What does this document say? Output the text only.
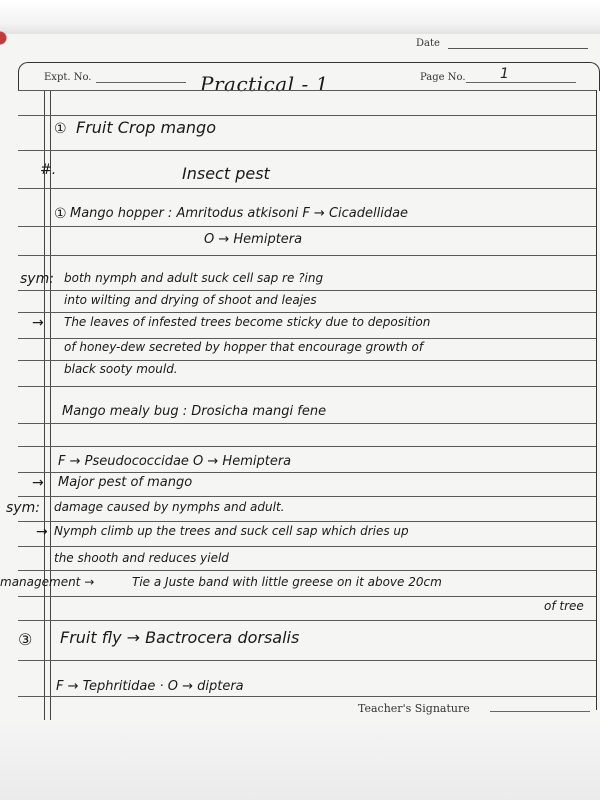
Date
Expt. No.	Practical - 1	Page No. 1
① Fruit Crop mango
#.	Insect pest
① Mango hopper : Amritodus atkisoni F → Cicadellidae
O → Hemiptera
sym: both nymph and adult suck cell sap re ?ing
into wilting and drying of shoot and leajes
→ The leaves of infested trees become sticky due to deposition
of honey-dew secreted by hopper that encourage growth of
black sooty mould.
Mango mealy bug : Drosicha mangi fene
F → Pseudococcidae O → Hemiptera
→ Major pest of mango
sym: damage caused by nymphs and adult.
→ Nymph climb up the trees and suck cell sap which dries up
the shooth and reduces yield
management →	Tie a Juste band with little greese on it above 20cm
of tree
③ Fruit fly → Bactrocera dorsalis
F → Tephritidae · O → diptera
Teacher's Signature
